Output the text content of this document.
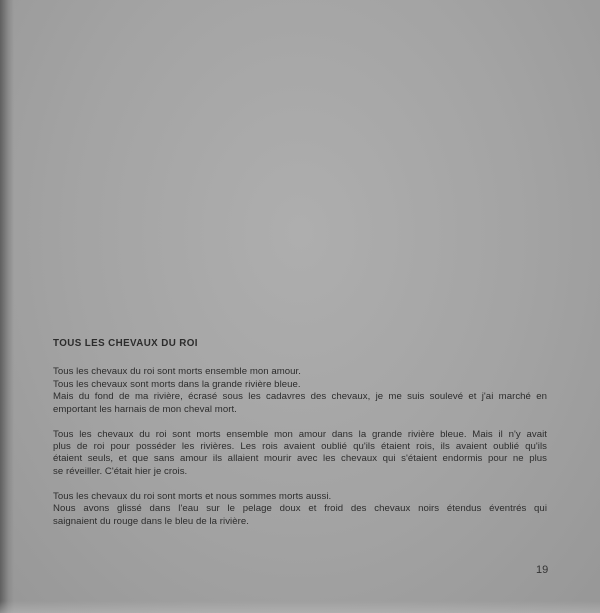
TOUS LES CHEVAUX DU ROI
Tous les chevaux du roi sont morts ensemble mon amour.
Tous les chevaux sont morts dans la grande rivière bleue.
Mais du fond de ma rivière, écrasé sous les cadavres des chevaux, je me suis soulevé et j'ai marché en
emportant les harnais de mon cheval mort.
Tous les chevaux du roi sont morts ensemble mon amour dans la grande rivière bleue. Mais il n'y avait
plus de roi pour posséder les rivières. Les rois avaient oublié qu'ils étaient rois, ils avaient oublié qu'ils
étaient seuls, et que sans amour ils allaient mourir avec les chevaux qui s'étaient endormis pour ne plus
se réveiller. C'était hier je crois.
Tous les chevaux du roi sont morts et nous sommes morts aussi.
Nous avons glissé dans l'eau sur le pelage doux et froid des chevaux noirs étendus éventrés qui
saignaient du rouge dans le bleu de la rivière.
19
